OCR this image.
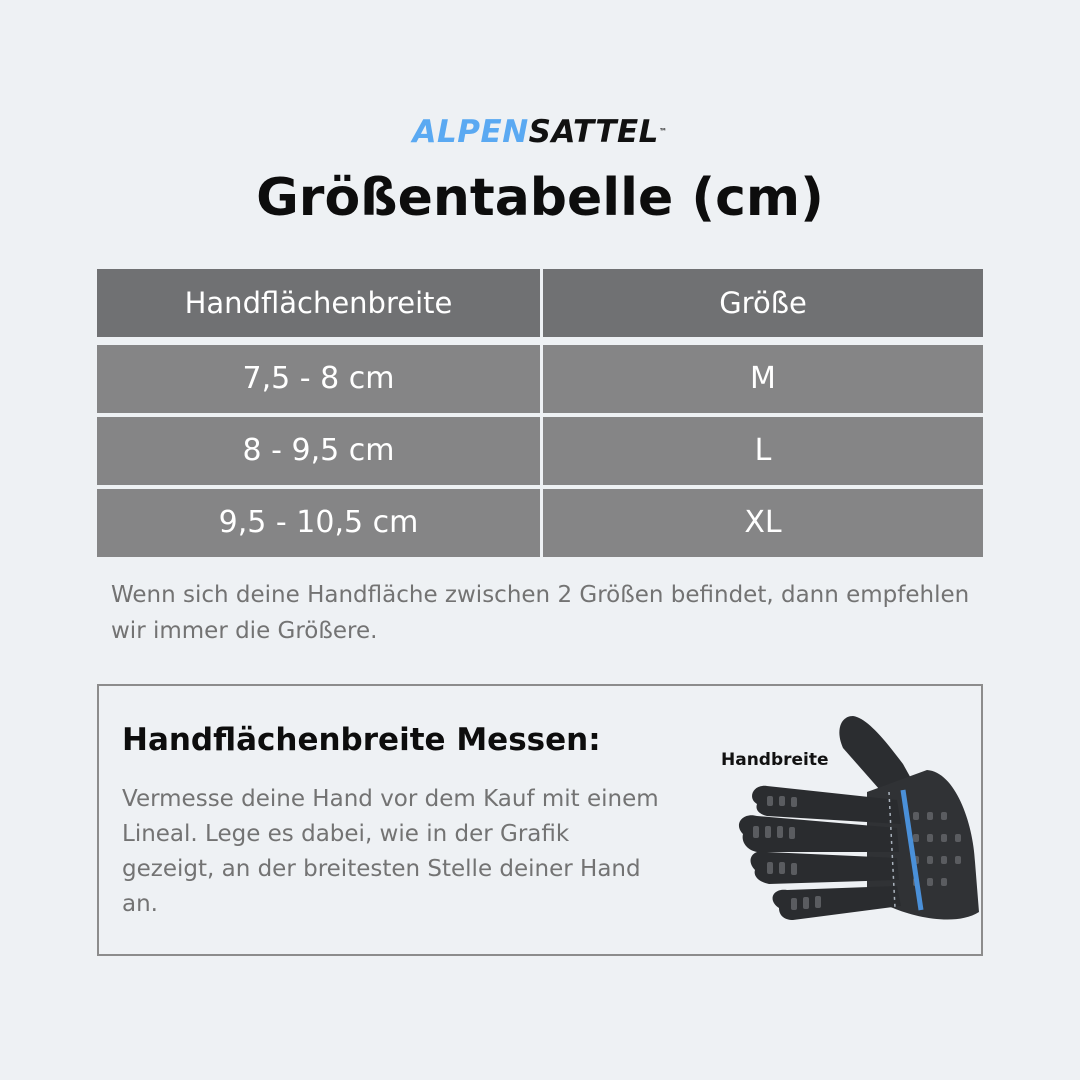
ALPENSATTEL™
Größentabelle (cm)
Handflächenbreite	Größe
7,5 - 8 cm	M
8 - 9,5 cm	L
9,5 - 10,5 cm	XL
Wenn sich deine Handfläche zwischen 2 Größen befindet, dann empfehlen wir immer die Größere.
Handflächenbreite Messen:
Vermesse deine Hand vor dem Kauf mit einem Lineal. Lege es dabei, wie in der Grafik gezeigt, an der breitesten Stelle deiner Hand an.
Handbreite
